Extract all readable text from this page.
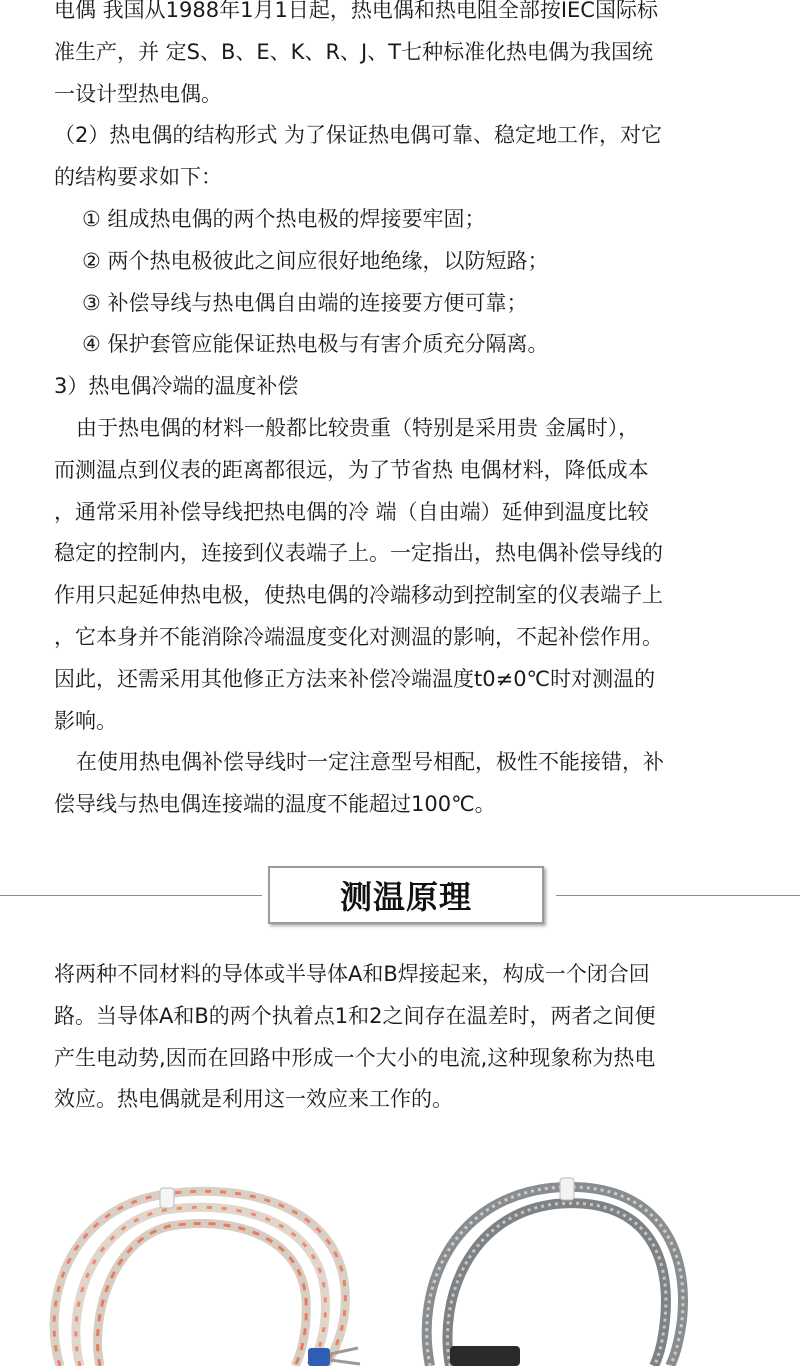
电偶 我国从1988年1月1日起，热电偶和热电阻全部按IEC国际标
准生产，并 定S、B、E、K、R、J、T七种标准化热电偶为我国统
一设计型热电偶。
（2）热电偶的结构形式 为了保证热电偶可靠、稳定地工作，对它
的结构要求如下：
① 组成热电偶的两个热电极的焊接要牢固；
② 两个热电极彼此之间应很好地绝缘，以防短路；
③ 补偿导线与热电偶自由端的连接要方便可靠；
④ 保护套管应能保证热电极与有害介质充分隔离。
3）热电偶冷端的温度补偿
由于热电偶的材料一般都比较贵重（特别是采用贵 金属时），
而测温点到仪表的距离都很远，为了节省热 电偶材料，降低成本
，通常采用补偿导线把热电偶的冷 端（自由端）延伸到温度比较
稳定的控制内，连接到仪表端子上。一定指出，热电偶补偿导线的
作用只起延伸热电极，使热电偶的冷端移动到控制室的仪表端子上
，它本身并不能消除冷端温度变化对测温的影响，不起补偿作用。
因此，还需采用其他修正方法来补偿冷端温度t0≠0℃时对测温的
影响。
在使用热电偶补偿导线时一定注意型号相配，极性不能接错，补
偿导线与热电偶连接端的温度不能超过100℃。
测温原理
将两种不同材料的导体或半导体A和B焊接起来，构成一个闭合回
路。当导体A和B的两个执着点1和2之间存在温差时，两者之间便
产生电动势,因而在回路中形成一个大小的电流,这种现象称为热电
效应。热电偶就是利用这一效应来工作的。
